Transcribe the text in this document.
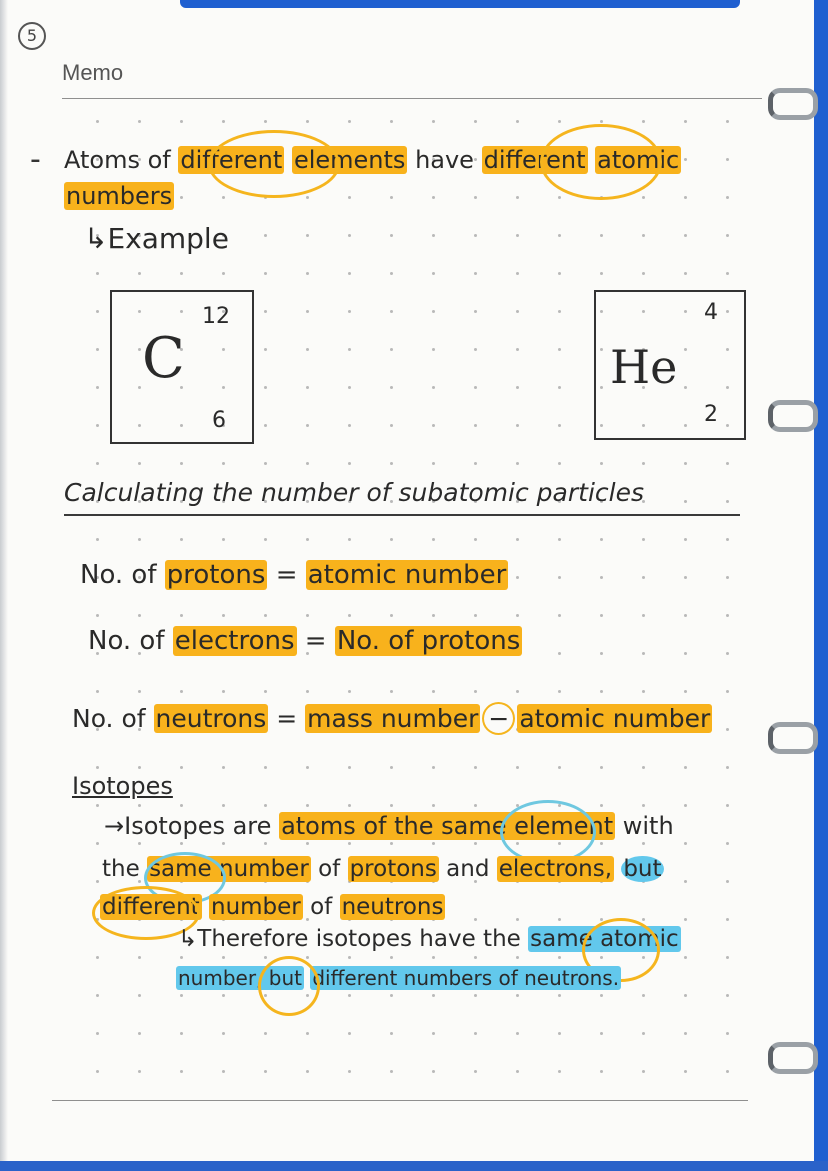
5
Memo
- Atoms of different elements have different atomic
numbers
↳Example
12
C
6
4
He
2
Calculating the number of subatomic particles
No. of protons = atomic number
No. of electrons = No. of protons
No. of neutrons = mass number − atomic number
Isotopes
→Isotopes are atoms of the same element with
the same number of protons and electrons, but
different number of neutrons
↳Therefore isotopes have the same atomic
number, but different numbers of neutrons.
